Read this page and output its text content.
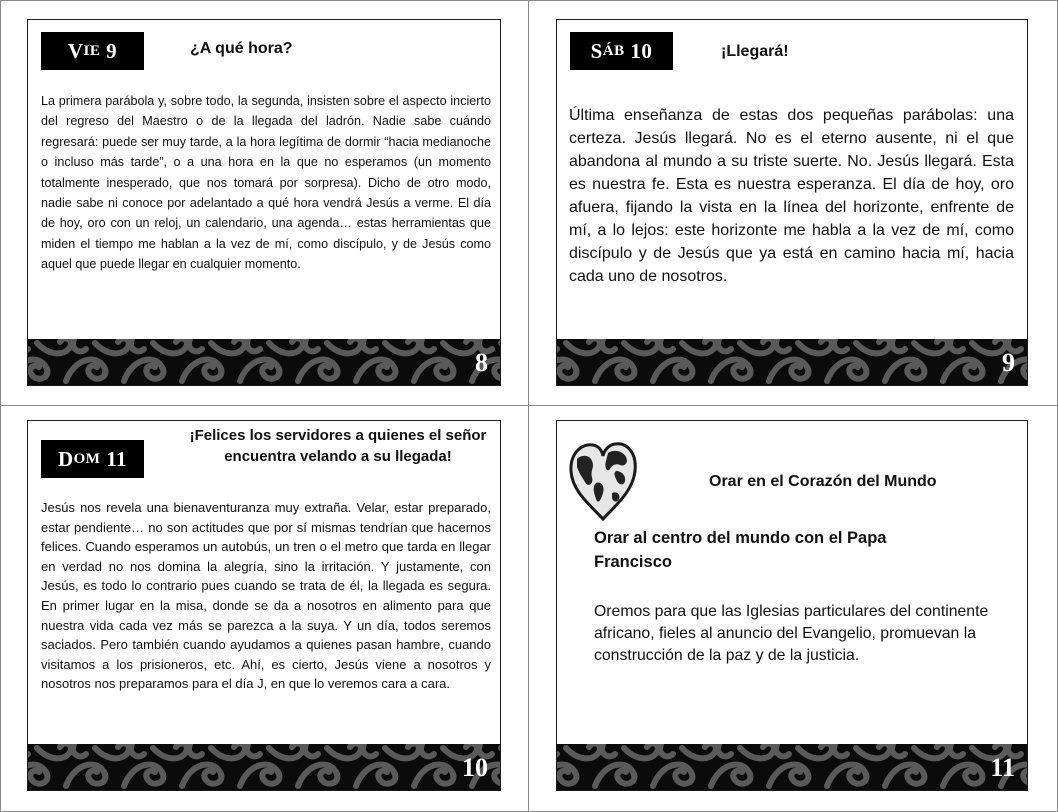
V IE 9	¿A qué hora?
La primera parábola y, sobre todo, la segunda, insisten sobre el aspecto incierto del regreso del Maestro o de la llegada del ladrón. Nadie sabe cuándo regresará: puede ser muy tarde, a la hora legítima de dormir “hacia medianoche o incluso más tarde”, o a una hora en la que no esperamos (un momento totalmente inesperado, que nos tomará por sorpresa). Dicho de otro modo, nadie sabe ni conoce por adelantado a qué hora vendrá Jesús a verme. El día de hoy, oro con un reloj, un calendario, una agenda… estas herramientas que miden el tiempo me hablan a la vez de mí, como discípulo, y de Jesús como aquel que puede llegar en cualquier momento.
8
S ÁB 10	¡Llegará!
Última enseñanza de estas dos pequeñas parábolas: una certeza. Jesús llegará. No es el eterno ausente, ni el que abandona al mundo a su triste suerte. No. Jesús llegará. Esta es nuestra fe. Esta es nuestra esperanza. El día de hoy, oro afuera, fijando la vista en la línea del horizonte, enfrente de mí, a lo lejos: este horizonte me habla a la vez de mí, como discípulo y de Jesús que ya está en camino hacia mí, hacia cada uno de nosotros.
9
¡Felices los servidores a quienes el señor encuentra velando a su llegada!
D OM 11
Jesús nos revela una bienaventuranza muy extraña. Velar, estar preparado, estar pendiente… no son actitudes que por sí mismas tendrían que hacernos felices. Cuando esperamos un autobús, un tren o el metro que tarda en llegar en verdad no nos domina la alegría, sino la irritación. Y justamente, con Jesús, es todo lo contrario pues cuando se trata de él, la llegada es segura. En primer lugar en la misa, donde se da a nosotros en alimento para que nuestra vida cada vez más se parezca a la suya. Y un día, todos seremos saciados. Pero también cuando ayudamos a quienes pasan hambre, cuando visitamos a los prisioneros, etc. Ahí, es cierto, Jesús viene a nosotros y nosotros nos preparamos para el día J, en que lo veremos cara a cara.
10
Orar en el Corazón del Mundo
Orar al centro del mundo con el Papa Francisco
Oremos para que las Iglesias particulares del continente africano, fieles al anuncio del Evangelio, promuevan la construcción de la paz y de la justicia.
11
